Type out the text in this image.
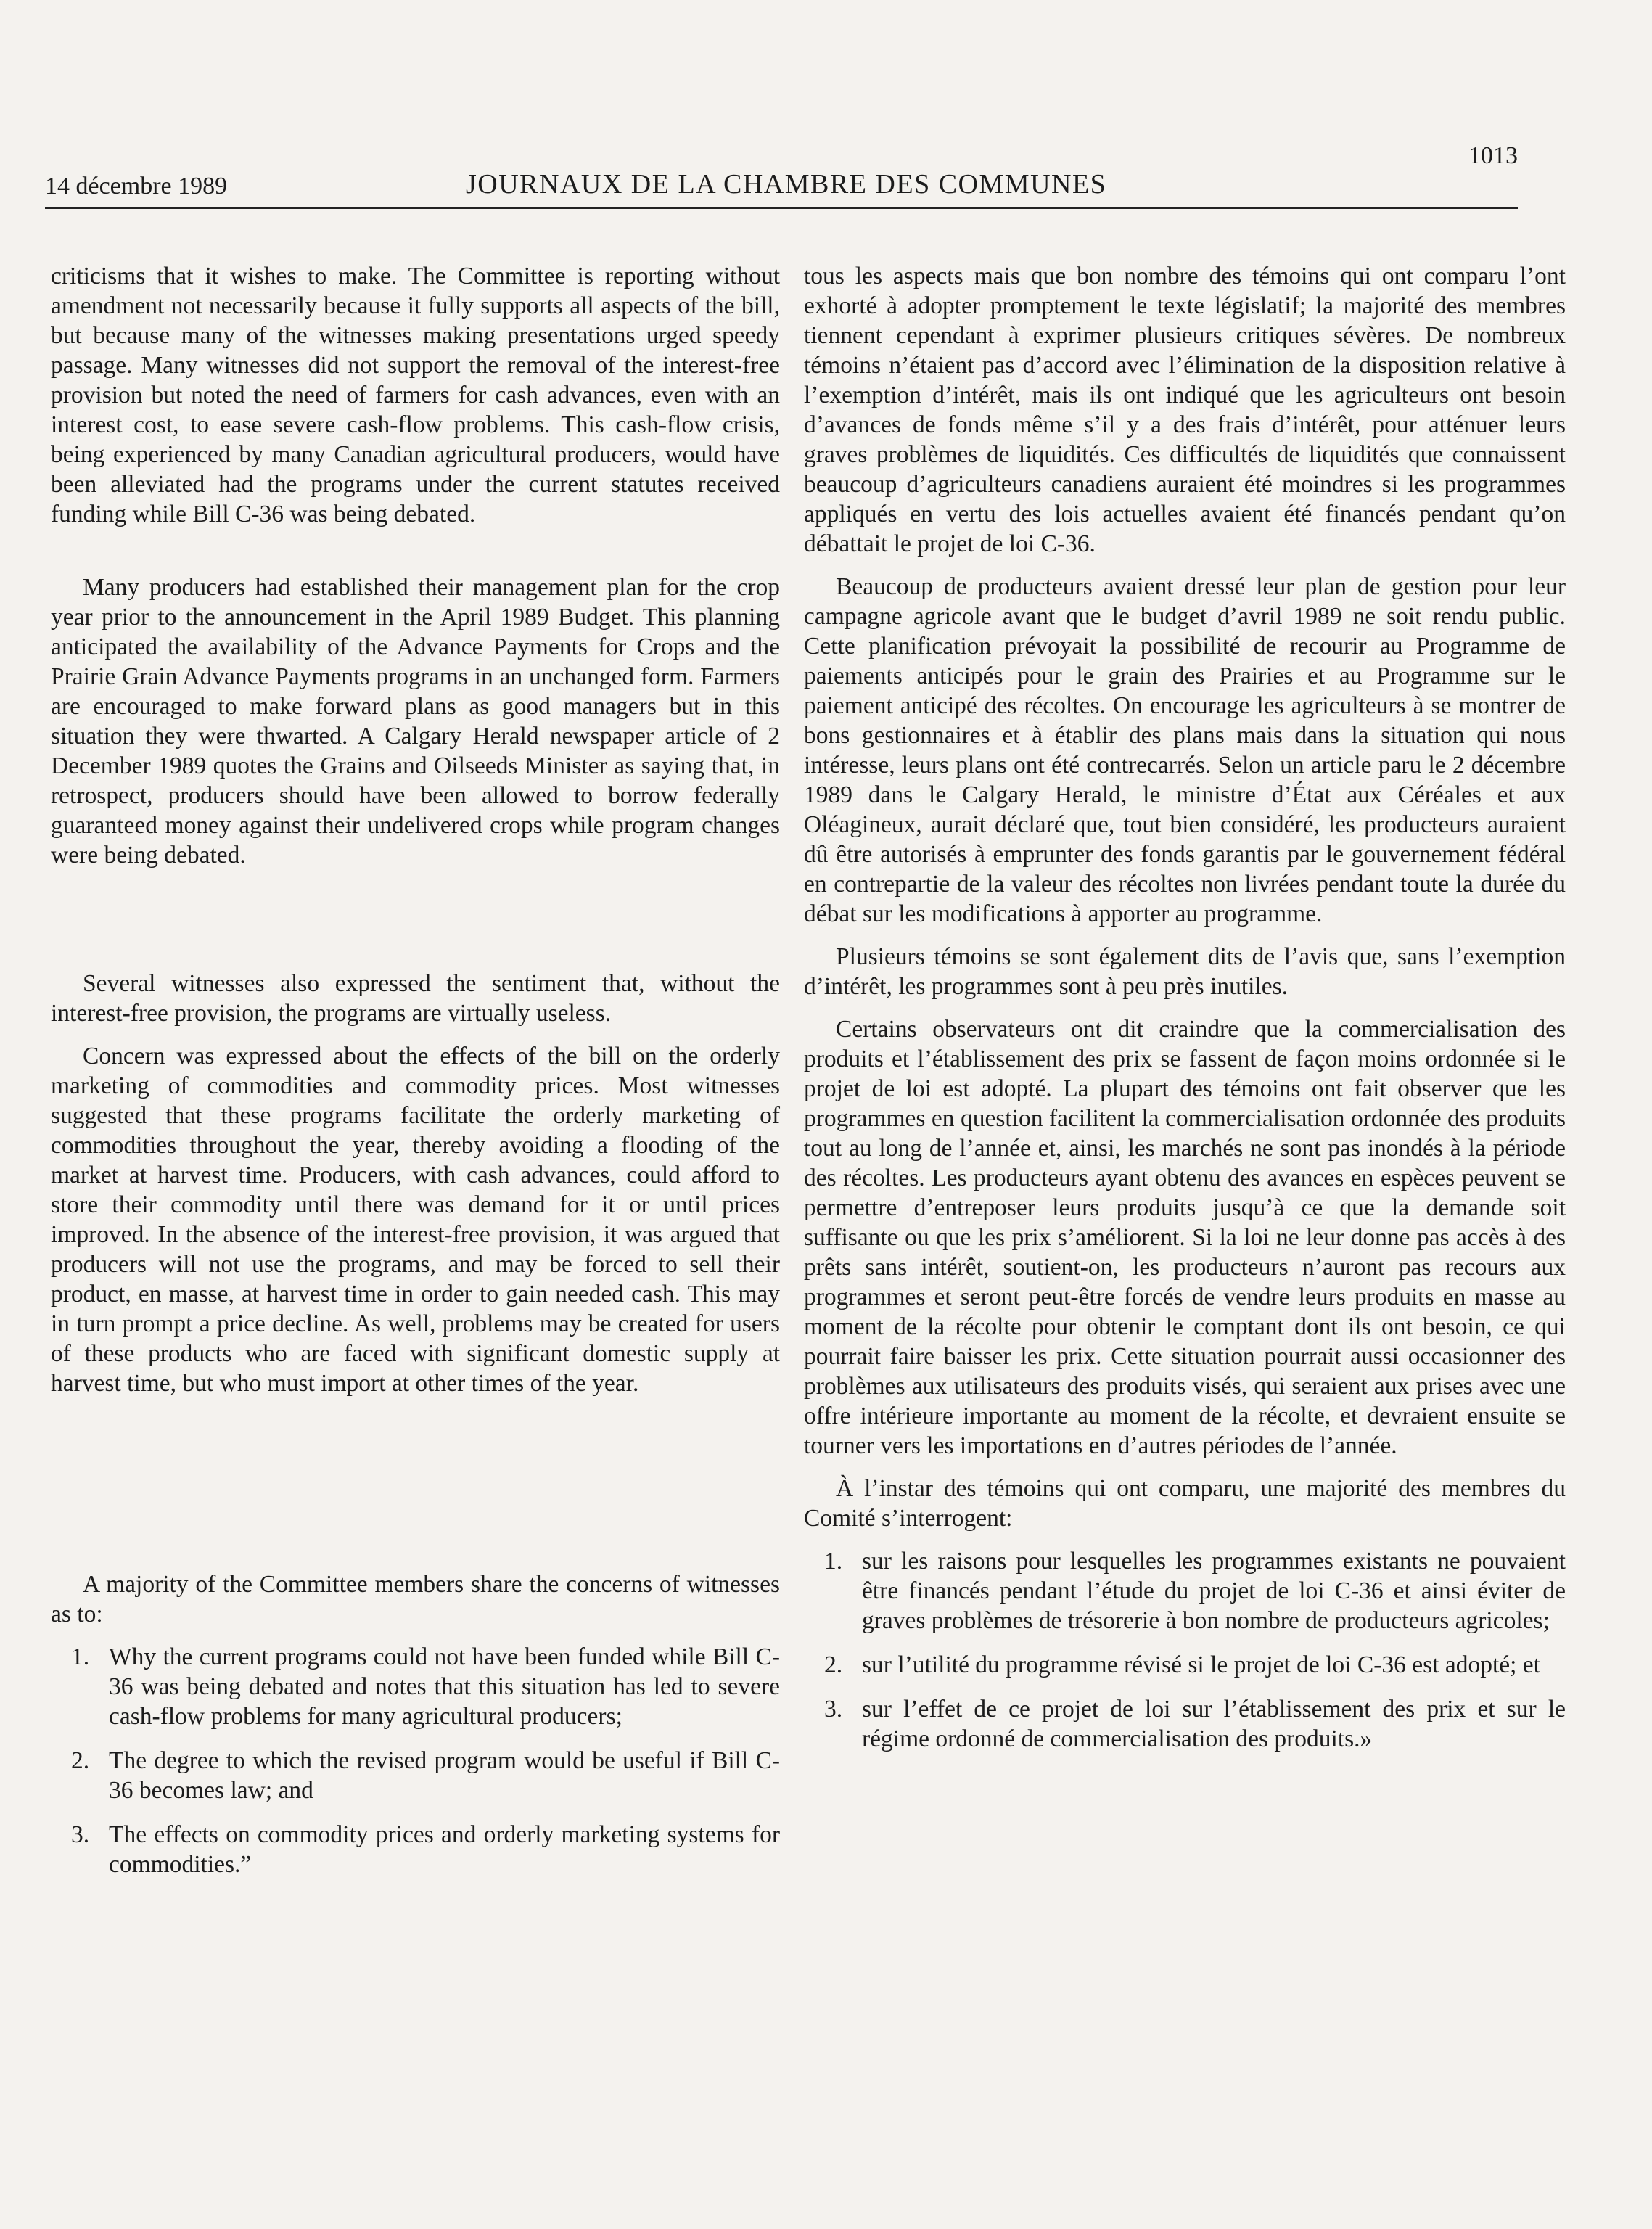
14 décembre 1989	JOURNAUX DE LA CHAMBRE DES COMMUNES
1013

criticisms that it wishes to make. The Committee is reporting without amendment not necessarily because it fully supports all aspects of the bill, but because many of the witnesses making presentations urged speedy passage. Many witnesses did not support the removal of the interest-free provision but noted the need of farmers for cash advances, even with an interest cost, to ease severe cash-flow problems. This cash-flow crisis, being experienced by many Canadian agricultural producers, would have been alleviated had the programs under the current statutes received funding while Bill C-36 was being debated.

Many producers had established their management plan for the crop year prior to the announcement in the April 1989 Budget. This planning anticipated the availability of the Advance Payments for Crops and the Prairie Grain Advance Payments programs in an unchanged form. Farmers are encouraged to make forward plans as good managers but in this situation they were thwarted. A Calgary Herald newspaper article of 2 December 1989 quotes the Grains and Oilseeds Minister as saying that, in retrospect, producers should have been allowed to borrow federally guaranteed money against their undelivered crops while program changes were being debated.

Several witnesses also expressed the sentiment that, without the interest-free provision, the programs are virtually useless.

Concern was expressed about the effects of the bill on the orderly marketing of commodities and commodity prices. Most witnesses suggested that these programs facilitate the orderly marketing of commodities throughout the year, thereby avoiding a flooding of the market at harvest time. Producers, with cash advances, could afford to store their commodity until there was demand for it or until prices improved. In the absence of the interest-free provision, it was argued that producers will not use the programs, and may be forced to sell their product, en masse, at harvest time in order to gain needed cash. This may in turn prompt a price decline. As well, problems may be created for users of these products who are faced with significant domestic supply at harvest time, but who must import at other times of the year.

A majority of the Committee members share the concerns of witnesses as to:

1. Why the current programs could not have been funded while Bill C-36 was being debated and notes that this situation has led to severe cash-flow problems for many agricultural producers;
2. The degree to which the revised program would be useful if Bill C-36 becomes law; and
3. The effects on commodity prices and orderly marketing systems for commodities.”

tous les aspects mais que bon nombre des témoins qui ont comparu l’ont exhorté à adopter promptement le texte législatif; la majorité des membres tiennent cependant à exprimer plusieurs critiques sévères. De nombreux témoins n’étaient pas d’accord avec l’élimination de la disposition relative à l’exemption d’intérêt, mais ils ont indiqué que les agriculteurs ont besoin d’avances de fonds même s’il y a des frais d’intérêt, pour atténuer leurs graves problèmes de liquidités. Ces difficultés de liquidités que connaissent beaucoup d’agriculteurs canadiens auraient été moindres si les programmes appliqués en vertu des lois actuelles avaient été financés pendant qu’on débattait le projet de loi C-36.

Beaucoup de producteurs avaient dressé leur plan de gestion pour leur campagne agricole avant que le budget d’avril 1989 ne soit rendu public. Cette planification prévoyait la possibilité de recourir au Programme de paiements anticipés pour le grain des Prairies et au Programme sur le paiement anticipé des récoltes. On encourage les agriculteurs à se montrer de bons gestionnaires et à établir des plans mais dans la situation qui nous intéresse, leurs plans ont été contrecarrés. Selon un article paru le 2 décembre 1989 dans le Calgary Herald, le ministre d’État aux Céréales et aux Oléagineux, aurait déclaré que, tout bien considéré, les producteurs auraient dû être autorisés à emprunter des fonds garantis par le gouvernement fédéral en contrepartie de la valeur des récoltes non livrées pendant toute la durée du débat sur les modifications à apporter au programme.

Plusieurs témoins se sont également dits de l’avis que, sans l’exemption d’intérêt, les programmes sont à peu près inutiles.

Certains observateurs ont dit craindre que la commercialisation des produits et l’établissement des prix se fassent de façon moins ordonnée si le projet de loi est adopté. La plupart des témoins ont fait observer que les programmes en question facilitent la commercialisation ordonnée des produits tout au long de l’année et, ainsi, les marchés ne sont pas inondés à la période des récoltes. Les producteurs ayant obtenu des avances en espèces peuvent se permettre d’entreposer leurs produits jusqu’à ce que la demande soit suffisante ou que les prix s’améliorent. Si la loi ne leur donne pas accès à des prêts sans intérêt, soutient-on, les producteurs n’auront pas recours aux programmes et seront peut-être forcés de vendre leurs produits en masse au moment de la récolte pour obtenir le comptant dont ils ont besoin, ce qui pourrait faire baisser les prix. Cette situation pourrait aussi occasionner des problèmes aux utilisateurs des produits visés, qui seraient aux prises avec une offre intérieure importante au moment de la récolte, et devraient ensuite se tourner vers les importations en d’autres périodes de l’année.

À l’instar des témoins qui ont comparu, une majorité des membres du Comité s’interrogent:

1. sur les raisons pour lesquelles les programmes existants ne pouvaient être financés pendant l’étude du projet de loi C-36 et ainsi éviter de graves problèmes de trésorerie à bon nombre de producteurs agricoles;
2. sur l’utilité du programme révisé si le projet de loi C-36 est adopté; et
3. sur l’effet de ce projet de loi sur l’établissement des prix et sur le régime ordonné de commercialisation des produits.»
